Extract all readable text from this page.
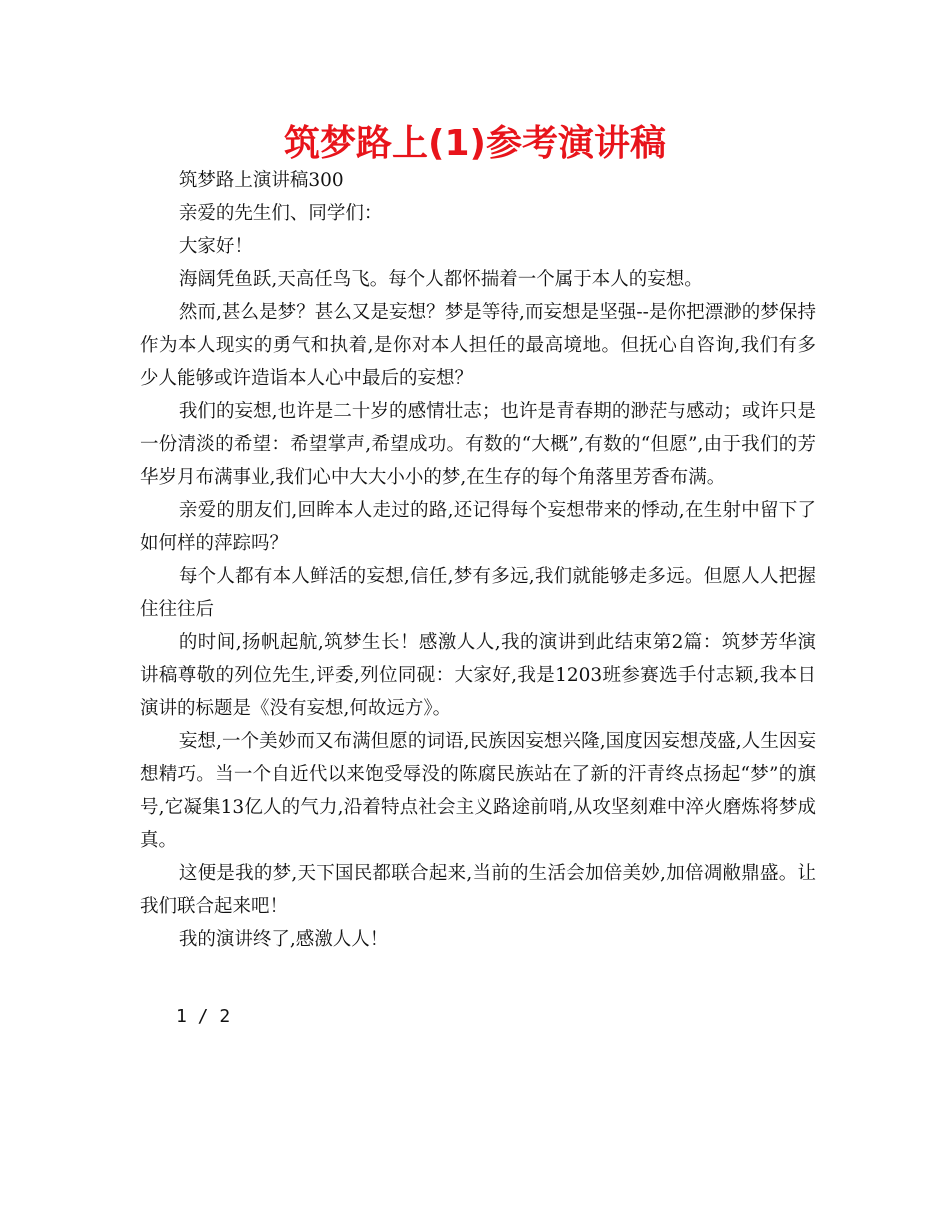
筑梦路上(1)参考演讲稿

筑梦路上演讲稿300

亲爱的先生们、同学们：

大家好！

海阔凭鱼跃,天高任鸟飞。每个人都怀揣着一个属于本人的妄想。

然而,甚么是梦？甚么又是妄想？梦是等待,而妄想是坚强--是你把漂渺的梦保持作为本人现实的勇气和执着,是你对本人担任的最高境地。但抚心自咨询,我们有多少人能够或许造诣本人心中最后的妄想？

我们的妄想,也许是二十岁的感情壮志；也许是青春期的渺茫与感动；或许只是一份清淡的希望：希望掌声,希望成功。有数的“大概”,有数的“但愿”,由于我们的芳华岁月布满事业,我们心中大大小小的梦,在生存的每个角落里芳香布满。

亲爱的朋友们,回眸本人走过的路,还记得每个妄想带来的悸动,在生射中留下了如何样的萍踪吗？

每个人都有本人鲜活的妄想,信任,梦有多远,我们就能够走多远。但愿人人把握住往往后

的时间,扬帆起航,筑梦生长！感激人人,我的演讲到此结束第2篇：筑梦芳华演讲稿尊敬的列位先生,评委,列位同砚：大家好,我是1203班参赛选手付志颖,我本日演讲的标题是《没有妄想,何故远方》。

妄想,一个美妙而又布满但愿的词语,民族因妄想兴隆,国度因妄想茂盛,人生因妄想精巧。当一个自近代以来饱受辱没的陈腐民族站在了新的汗青终点扬起“梦”的旗号,它凝集13亿人的气力,沿着特点社会主义路途前哨,从攻坚刻难中淬火磨炼将梦成真。

这便是我的梦,天下国民都联合起来,当前的生活会加倍美妙,加倍凋敝鼎盛。让我们联合起来吧！

我的演讲终了,感激人人！

1 / 2
